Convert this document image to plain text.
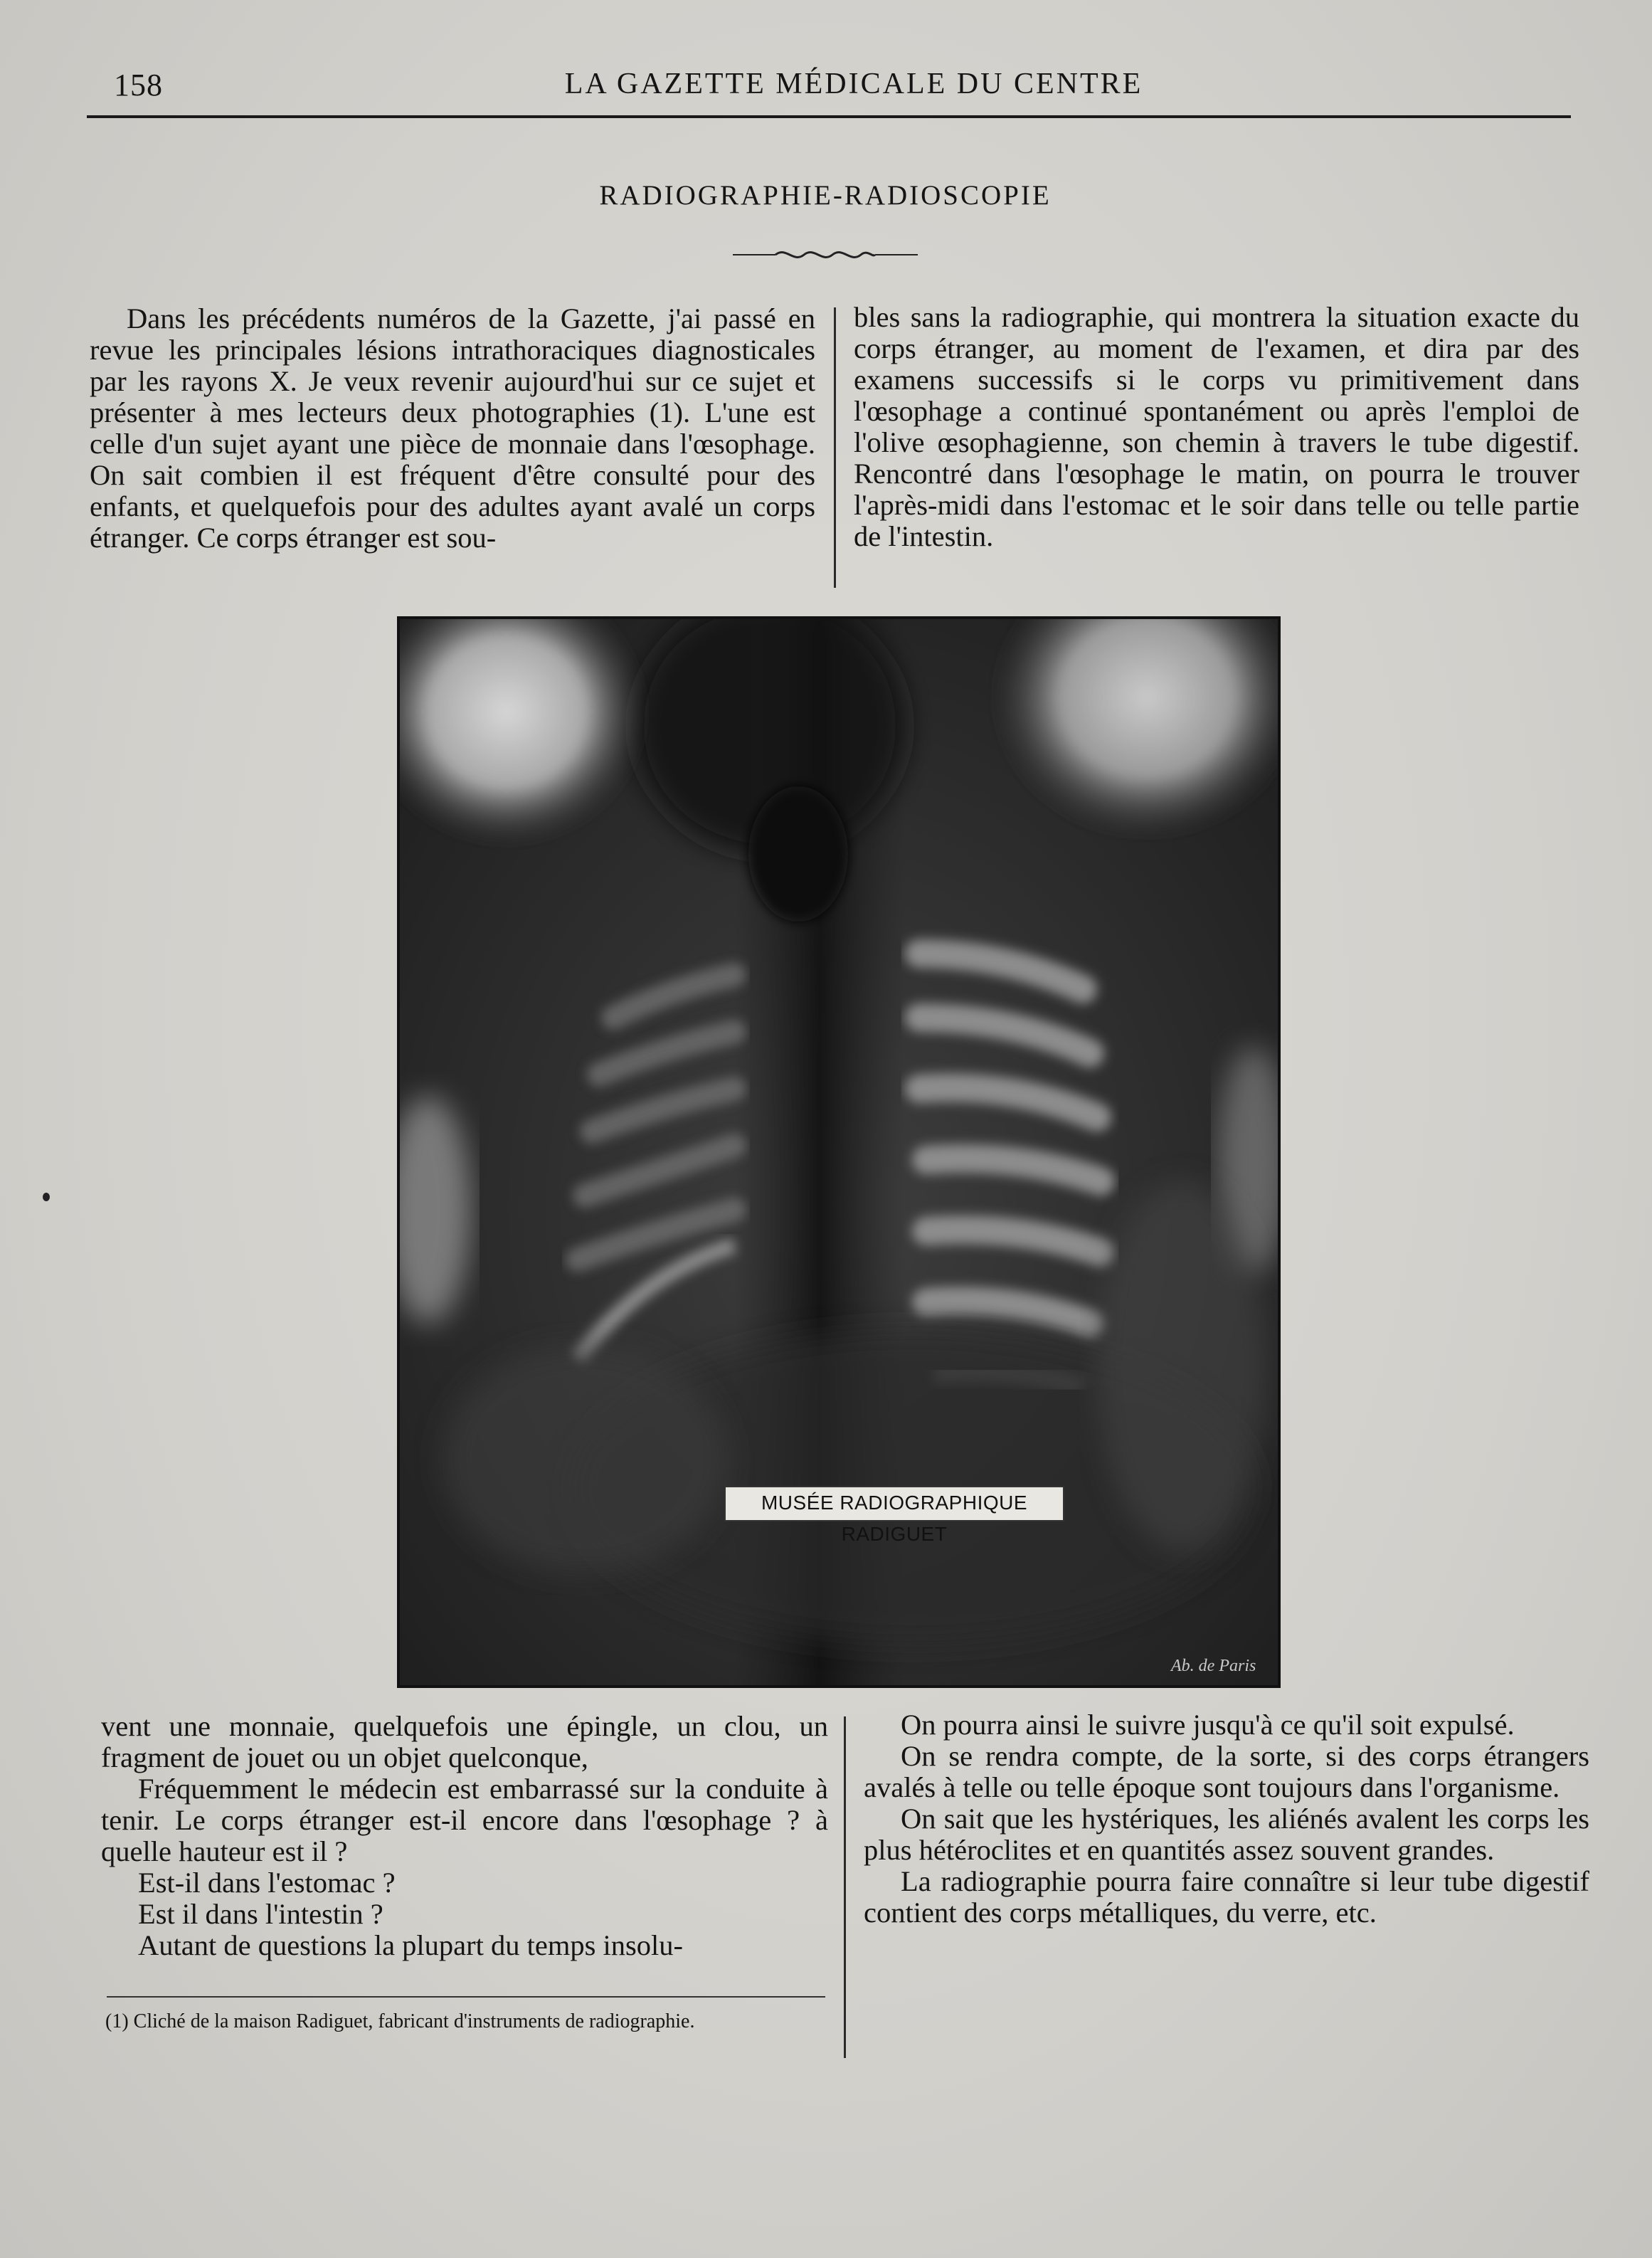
158	LA GAZETTE MÉDICALE DU CENTRE
RADIOGRAPHIE-RADIOSCOPIE

Dans les précédents numéros de la Gazette, j'ai passé en revue les principales lésions intrathoraciques diagnosticales par les rayons X. Je veux revenir aujourd'hui sur ce sujet et présenter à mes lecteurs deux photographies (1). L'une est celle d'un sujet ayant une pièce de monnaie dans l'œsophage. On sait combien il est fréquent d'être consulté pour des enfants, et quelquefois pour des adultes ayant avalé un corps étranger. Ce corps étranger est sou-

bles sans la radiographie, qui montrera la situation exacte du corps étranger, au moment de l'examen, et dira par des examens successifs si le corps vu primitivement dans l'œsophage a continué spontanément ou après l'emploi de l'olive œsophagienne, son chemin à travers le tube digestif. Rencontré dans l'œsophage le matin, on pourra le trouver l'après-midi dans l'estomac et le soir dans telle ou telle partie de l'intestin.

MUSÉE RADIOGRAPHIQUE RADIGUET
Ab. de Paris

vent une monnaie, quelquefois une épingle, un clou, un fragment de jouet ou un objet quelconque,

Fréquemment le médecin est embarrassé sur la conduite à tenir. Le corps étranger est-il encore dans l'œsophage ? à quelle hauteur est il ?

Est-il dans l'estomac ?

Est il dans l'intestin ?

Autant de questions la plupart du temps insolu-

(1) Cliché de la maison Radiguet, fabricant d'instruments de radiographie.

On pourra ainsi le suivre jusqu'à ce qu'il soit expulsé.

On se rendra compte, de la sorte, si des corps étrangers avalés à telle ou telle époque sont toujours dans l'organisme.

On sait que les hystériques, les aliénés avalent les corps les plus hétéroclites et en quantités assez souvent grandes.

La radiographie pourra faire connaître si leur tube digestif contient des corps métalliques, du verre, etc.
